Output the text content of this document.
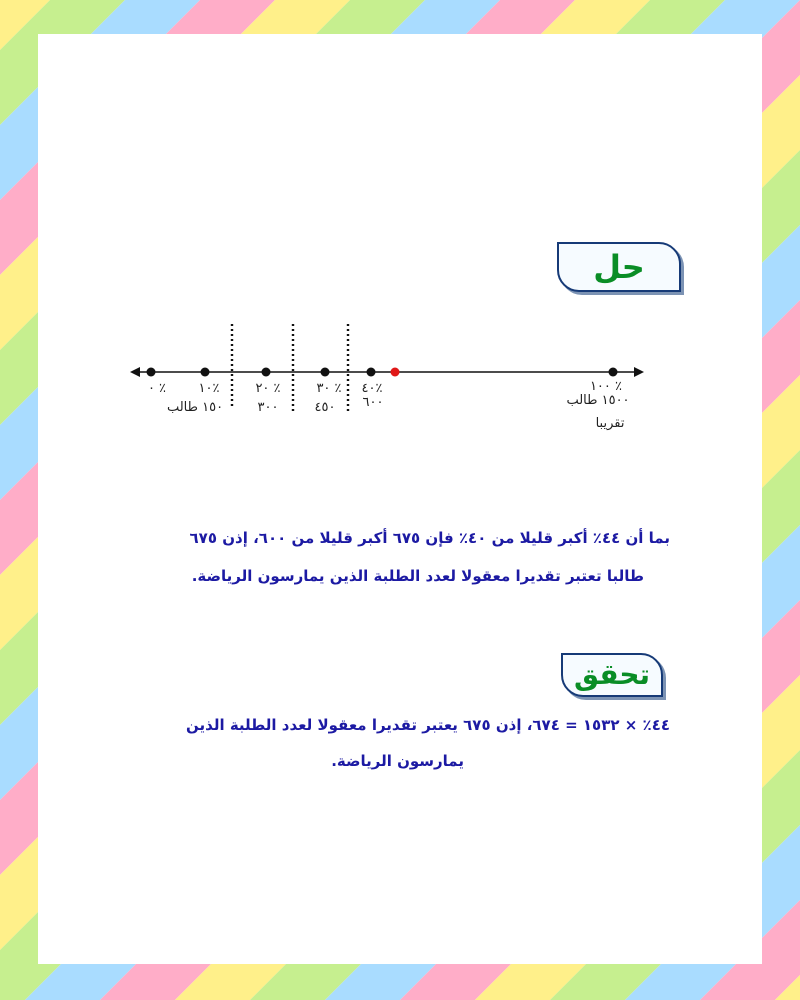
حل
٪ ٠ ٪١٠	٪ ٢٠	٪ ٣٠ ٪٤٠	٪ ١٠٠
١٥٠ طالب	٣٠٠	٤٥٠ ٦٠٠	١٥٠٠ طالب
تقريبا

بما أن ٤٤٪ أكبر قليلا من ٤٠٪ فإن ٦٧٥ أكبر قليلا من ٦٠٠، إذن ٦٧٥
طالبا تعتبر تقديرا معقولا لعدد الطلبة الذين يمارسون الرياضة.

تحقق

٤٤٪ × ١٥٣٢ = ٦٧٤، إذن ٦٧٥ يعتبر تقديرا معقولا لعدد الطلبة الذين
يمارسون الرياضة.
